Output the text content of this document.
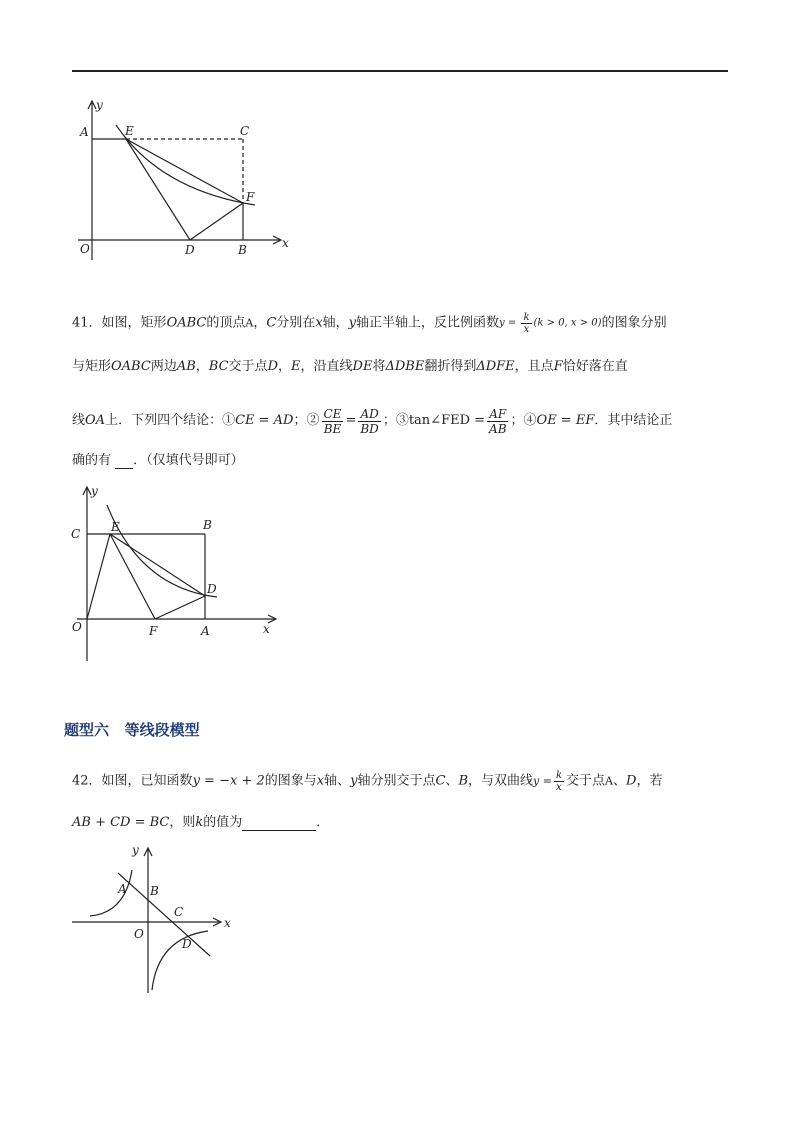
y
A	E	C
F
O	D	B	x
41．如图，矩形OABC的顶点A，C分别在x轴，y轴正半轴上，反比例函数$y = \frac{k}{x} (k > 0$, x > 0)的图象分别
与矩形OABC两边AB，BC交于点D，E，沿直线DE将ΔDBE翻折得到ΔDFE，且点F恰好落在直
线OA上．下列四个结论：①CE = AD；② $\frac{CE}{BE} = \frac{AD}{BD}$ ；③tan∠FED = $\frac{AF}{AB}$ ；④OE = EF．其中结论正
确的有 ．（仅填代号即可）
y
C	E	B
D
O	F	A	x
题型六   等线段模型
42．如图，已知函数y = −x + 2的图象与x轴、y轴分别交于点C、B，与双曲线$y = \frac{k}{x}$ 交于点A、D，若
AB + CD = BC，则k的值为	．
y
A B
C
O
D
x
